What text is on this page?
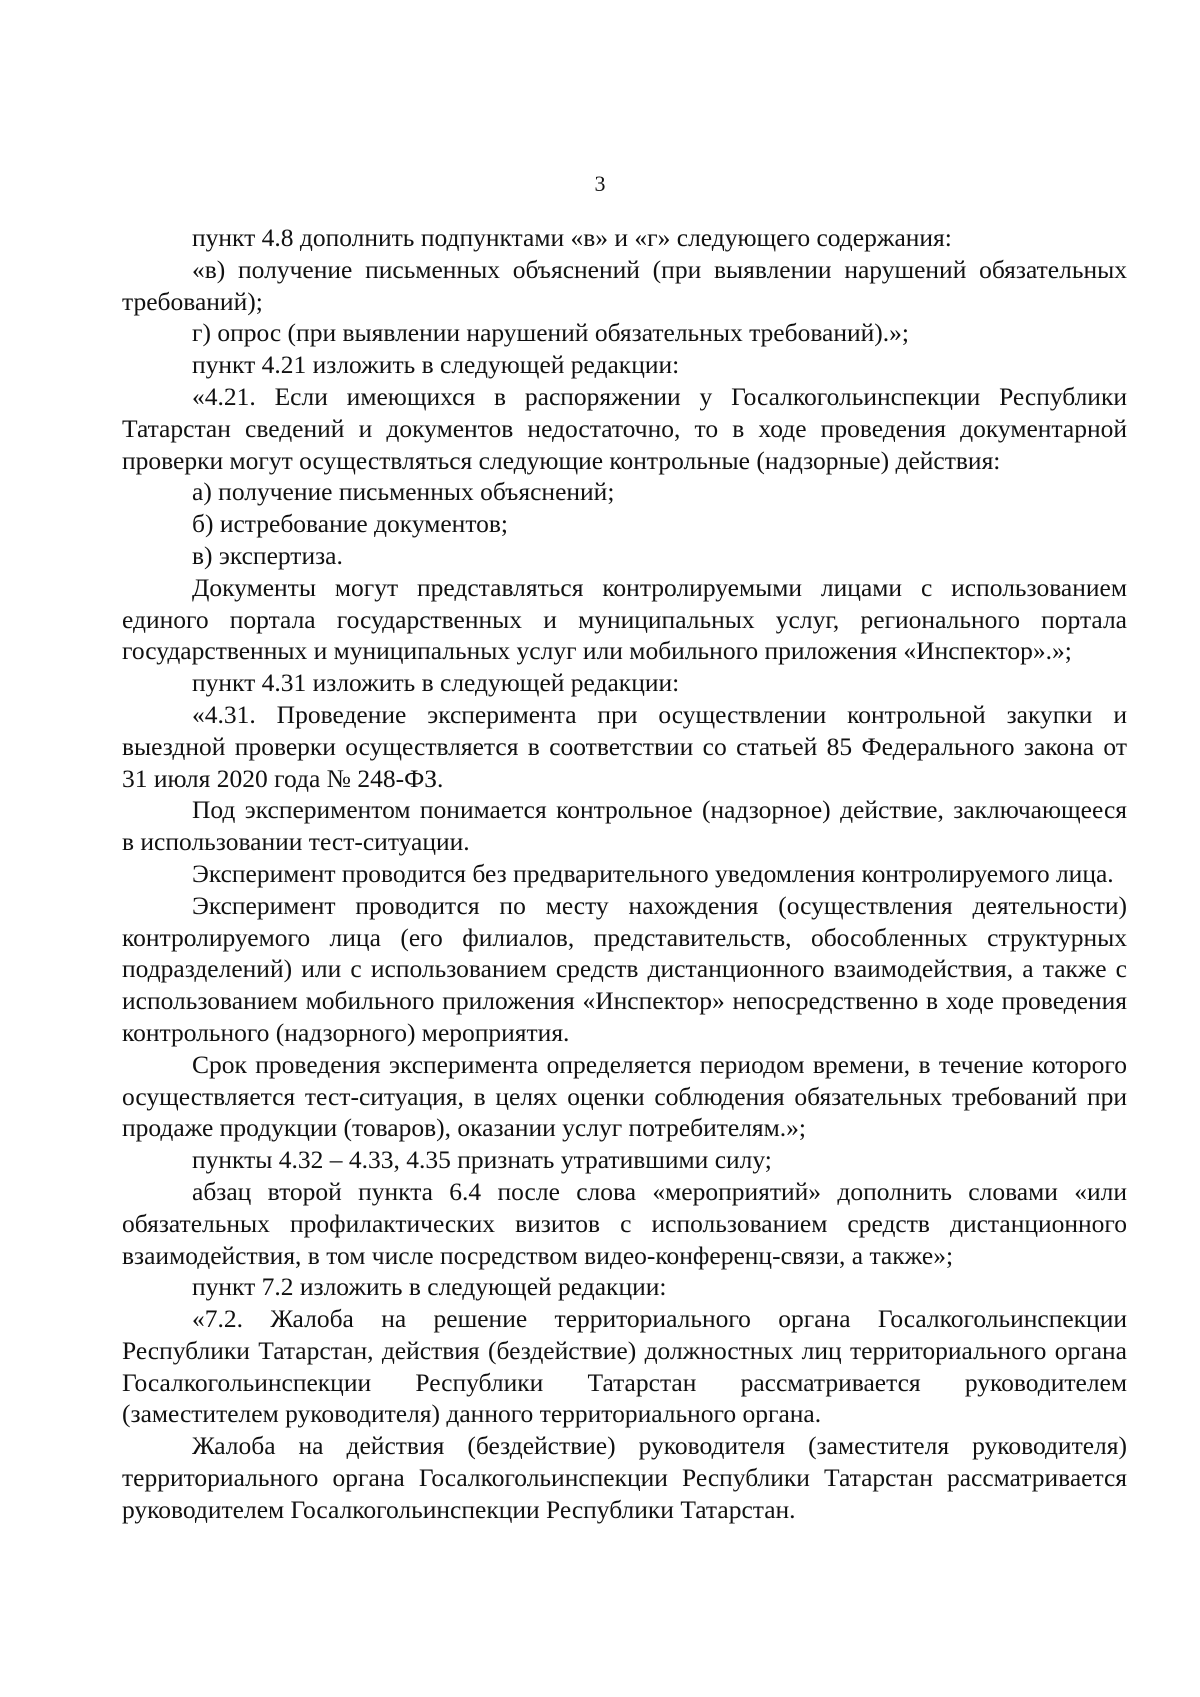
3

пункт 4.8 дополнить подпунктами «в» и «г» следующего содержания:

«в) получение письменных объяснений (при выявлении нарушений обязательных требований);

г) опрос (при выявлении нарушений обязательных требований).»;

пункт 4.21 изложить в следующей редакции:

«4.21. Если имеющихся в распоряжении у Госалкогольинспекции Республики Татарстан сведений и документов недостаточно, то в ходе проведения документарной проверки могут осуществляться следующие контрольные (надзорные) действия:

а) получение письменных объяснений;

б) истребование документов;

в) экспертиза.

Документы могут представляться контролируемыми лицами с использованием единого портала государственных и муниципальных услуг, регионального портала государственных и муниципальных услуг или мобильного приложения «Инспектор».»;

пункт 4.31 изложить в следующей редакции:

«4.31. Проведение эксперимента при осуществлении контрольной закупки и выездной проверки осуществляется в соответствии со статьей 85 Федерального закона от 31 июля 2020 года № 248-ФЗ.

Под экспериментом понимается контрольное (надзорное) действие, заключающееся в использовании тест-ситуации.

Эксперимент проводится без предварительного уведомления контролируемого лица.

Эксперимент проводится по месту нахождения (осуществления деятельности) контролируемого лица (его филиалов, представительств, обособленных структурных подразделений) или с использованием средств дистанционного взаимодействия, а также с использованием мобильного приложения «Инспектор» непосредственно в ходе проведения контрольного (надзорного) мероприятия.

Срок проведения эксперимента определяется периодом времени, в течение которого осуществляется тест-ситуация, в целях оценки соблюдения обязательных требований при продаже продукции (товаров), оказании услуг потребителям.»;

пункты 4.32 – 4.33, 4.35 признать утратившими силу;

абзац второй пункта 6.4 после слова «мероприятий» дополнить словами «или обязательных профилактических визитов с использованием средств дистанционного взаимодействия, в том числе посредством видео-конференц-связи, а также»;

пункт 7.2 изложить в следующей редакции:

«7.2. Жалоба на решение территориального органа Госалкогольинспекции Республики Татарстан, действия (бездействие) должностных лиц территориального органа Госалкогольинспекции Республики Татарстан рассматривается руководителем (заместителем руководителя) данного территориального органа.

Жалоба на действия (бездействие) руководителя (заместителя руководителя) территориального органа Госалкогольинспекции Республики Татарстан рассматривается руководителем Госалкогольинспекции Республики Татарстан.
